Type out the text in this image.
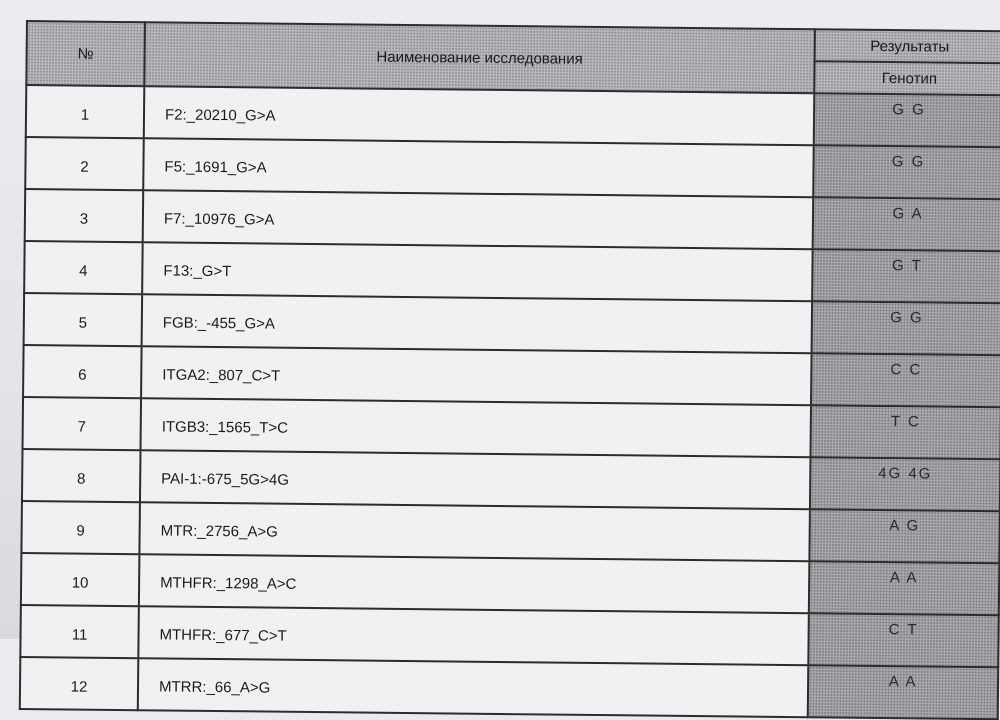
№	Наименование исследования	Результаты
		Генотип
1	F2:_20210_G>A	G G
2	F5:_1691_G>A	G G
3	F7:_10976_G>A	G A
4	F13:_G>T	G T
5	FGB:_-455_G>A	G G
6	ITGA2:_807_C>T	C C
7	ITGB3:_1565_T>C	T C
8	PAI-1:-675_5G>4G	4G 4G
9	MTR:_2756_A>G	A G
10	MTHFR:_1298_A>C	A A
11	MTHFR:_677_C>T	C T
12	MTRR:_66_A>G	A A
